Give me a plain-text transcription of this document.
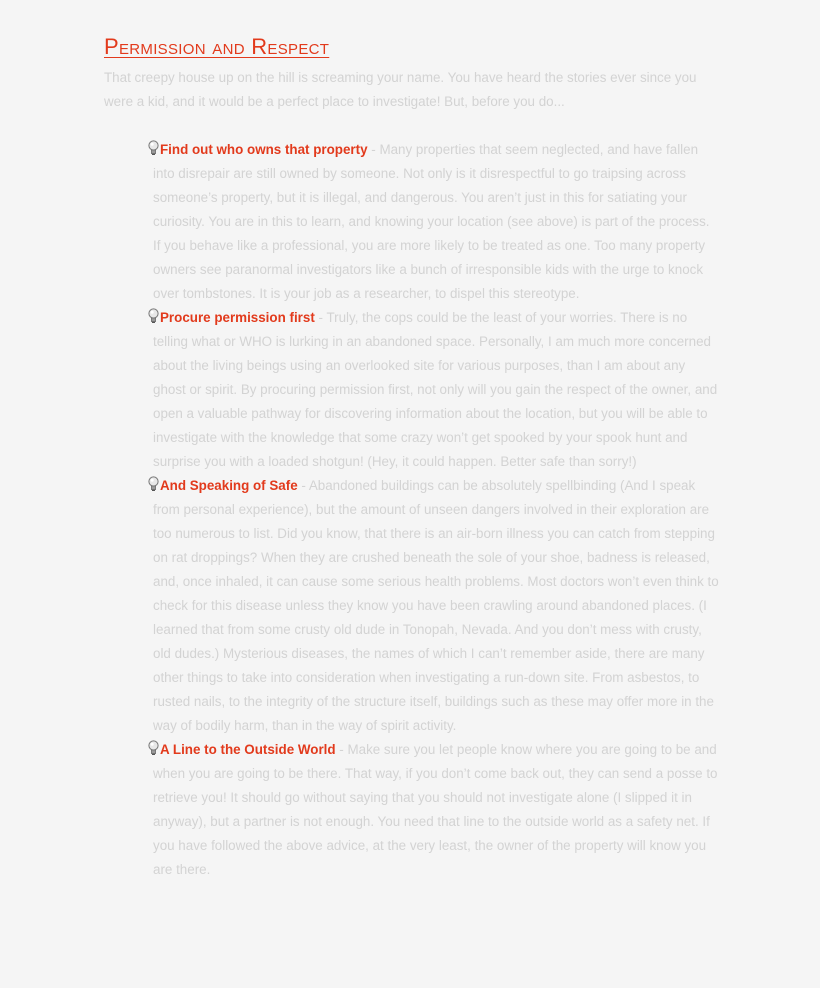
Permission and Respect

That creepy house up on the hill is screaming your name. You have heard the stories ever since you were a kid, and it would be a perfect place to investigate! But, before you do...

Find out who owns that property - Many properties that seem neglected, and have fallen into disrepair are still owned by someone. Not only is it disrespectful to go traipsing across someone’s property, but it is illegal, and dangerous. You aren’t just in this for satiating your curiosity. You are in this to learn, and knowing your location (see above) is part of the process. If you behave like a professional, you are more likely to be treated as one. Too many property owners see paranormal investigators like a bunch of irresponsible kids with the urge to knock over tombstones. It is your job as a researcher, to dispel this stereotype.
Procure permission first - Truly, the cops could be the least of your worries. There is no telling what or WHO is lurking in an abandoned space. Personally, I am much more concerned about the living beings using an overlooked site for various purposes, than I am about any ghost or spirit. By procuring permission first, not only will you gain the respect of the owner, and open a valuable pathway for discovering information about the location, but you will be able to investigate with the knowledge that some crazy won’t get spooked by your spook hunt and surprise you with a loaded shotgun! (Hey, it could happen. Better safe than sorry!)
And Speaking of Safe - Abandoned buildings can be absolutely spellbinding (And I speak from personal experience), but the amount of unseen dangers involved in their exploration are too numerous to list. Did you know, that there is an air-born illness you can catch from stepping on rat droppings? When they are crushed beneath the sole of your shoe, badness is released, and, once inhaled, it can cause some serious health problems. Most doctors won’t even think to check for this disease unless they know you have been crawling around abandoned places. (I learned that from some crusty old dude in Tonopah, Nevada. And you don’t mess with crusty, old dudes.) Mysterious diseases, the names of which I can’t remember aside, there are many other things to take into consideration when investigating a run-down site. From asbestos, to rusted nails, to the integrity of the structure itself, buildings such as these may offer more in the way of bodily harm, than in the way of spirit activity.
A Line to the Outside World - Make sure you let people know where you are going to be and when you are going to be there. That way, if you don’t come back out, they can send a posse to retrieve you! It should go without saying that you should not investigate alone (I slipped it in anyway), but a partner is not enough. You need that line to the outside world as a safety net. If you have followed the above advice, at the very least, the owner of the property will know you are there.
